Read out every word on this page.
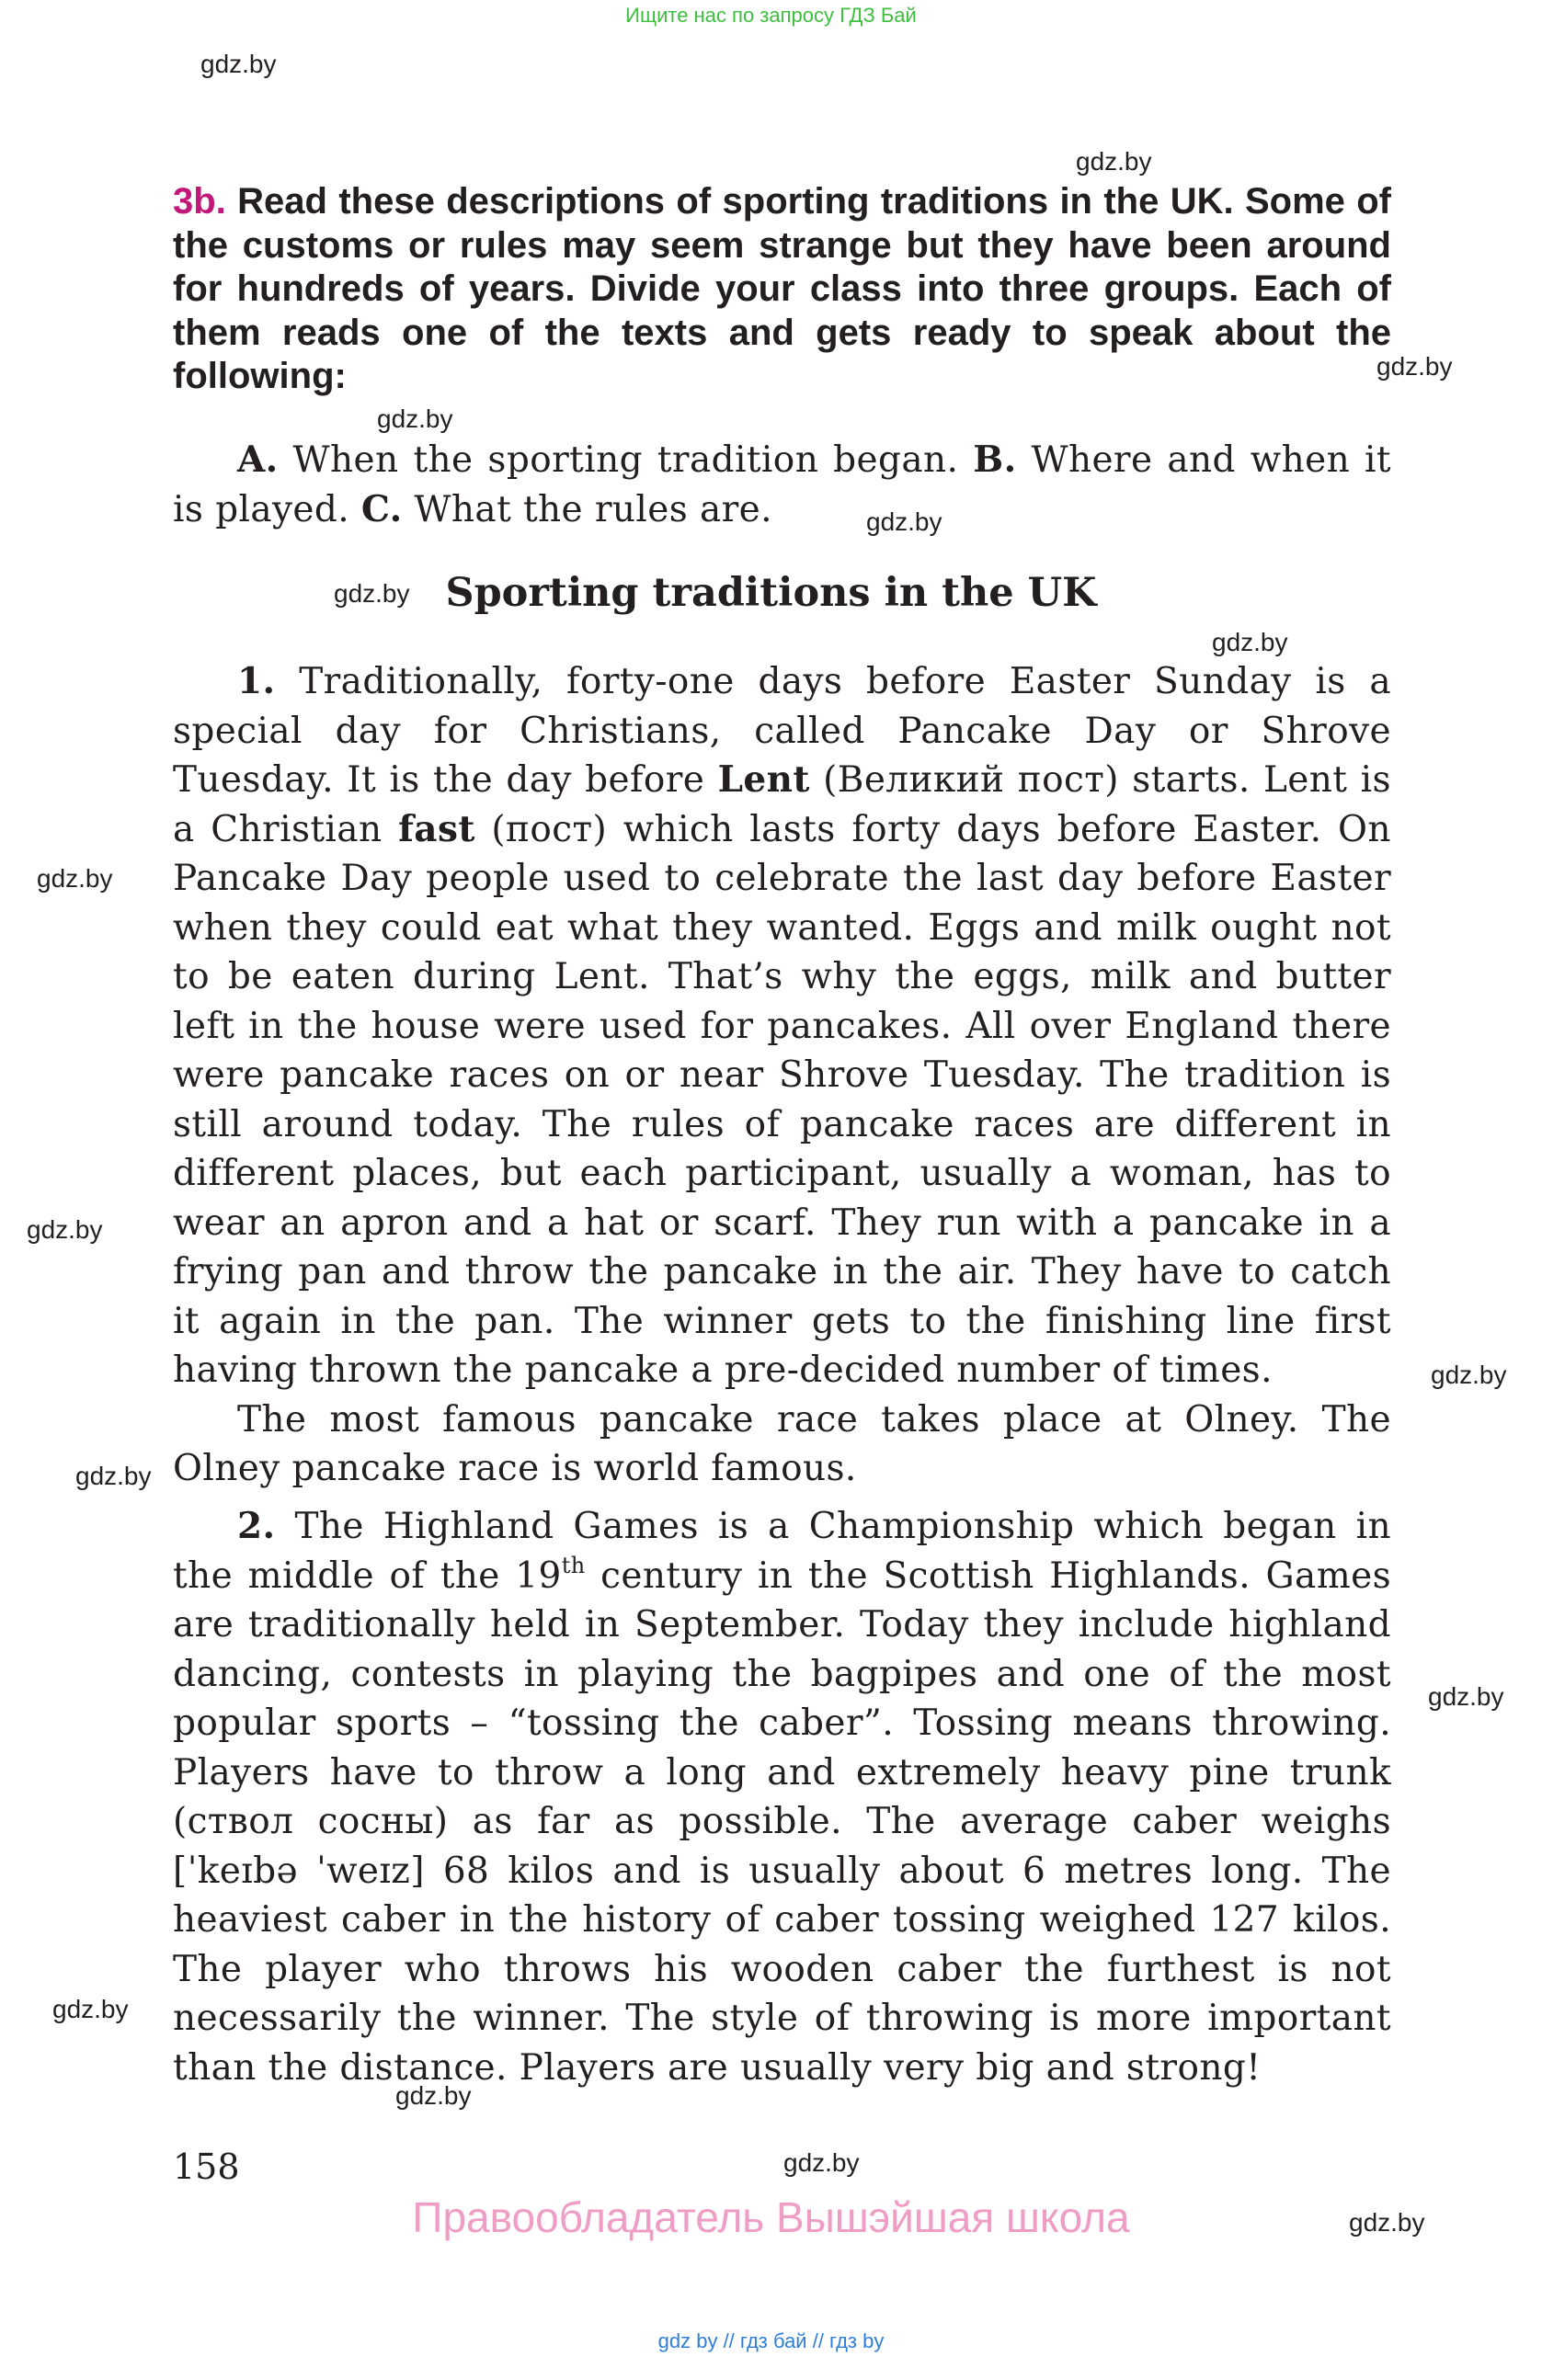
Ищите нас по запросу ГДЗ Бай
gdz.by
gdz.by
gdz.by
gdz.by
gdz.by
gdz.by
gdz.by
gdz.by
gdz.by
gdz.by
gdz.by
gdz.by
gdz.by
gdz.by
gdz.by
gdz.by
3b. Read these descriptions of sporting traditions in the UK. Some of the customs or rules may seem strange but they have been around for hundreds of years. Divide your class into three groups. Each of them reads one of the texts and gets ready to speak about the following:

A. When the sporting tradition began. B. Where and when it is played. C. What the rules are.

Sporting traditions in the UK

1. Traditionally, forty-one days before Easter Sunday is a special day for Christians, called Pancake Day or Shrove Tuesday. It is the day before Lent (Великий пост) starts. Lent is a Christian fast (пост) which lasts forty days before Easter. On Pancake Day people used to celebrate the last day before Easter when they could eat what they wanted. Eggs and milk ought not to be eaten during Lent. That’s why the eggs, milk and butter left in the house were used for pancakes. All over England there were pancake races on or near Shrove Tuesday. The tradition is still around today. The rules of pancake races are different in different places, but each participant, usually a woman, has to wear an apron and a hat or scarf. They run with a pancake in a frying pan and throw the pancake in the air. They have to catch it again in the pan. The winner gets to the finishing line first having thrown the pancake a pre-decided number of times.

The most famous pancake race takes place at Olney. The Olney pancake race is world famous.

2. The Highland Games is a Championship which began in the middle of the 19th century in the Scottish Highlands. Games are traditionally held in September. Today they include highland dancing, contests in playing the bagpipes and one of the most popular sports – “tossing the caber”. Tossing means throwing. Players have to throw a long and extremely heavy pine trunk (ствол сосны) as far as possible. The average caber weighs [ˈkeɪbə ˈweɪz] 68 kilos and is usually about 6 metres long. The heaviest caber in the history of caber tossing weighed 127 kilos. The player who throws his wooden caber the furthest is not necessarily the winner. The style of throwing is more important than the distance. Players are usually very big and strong!

158
Правообладатель Вышэйшая школа
gdz by // гдз бай // гдз by
